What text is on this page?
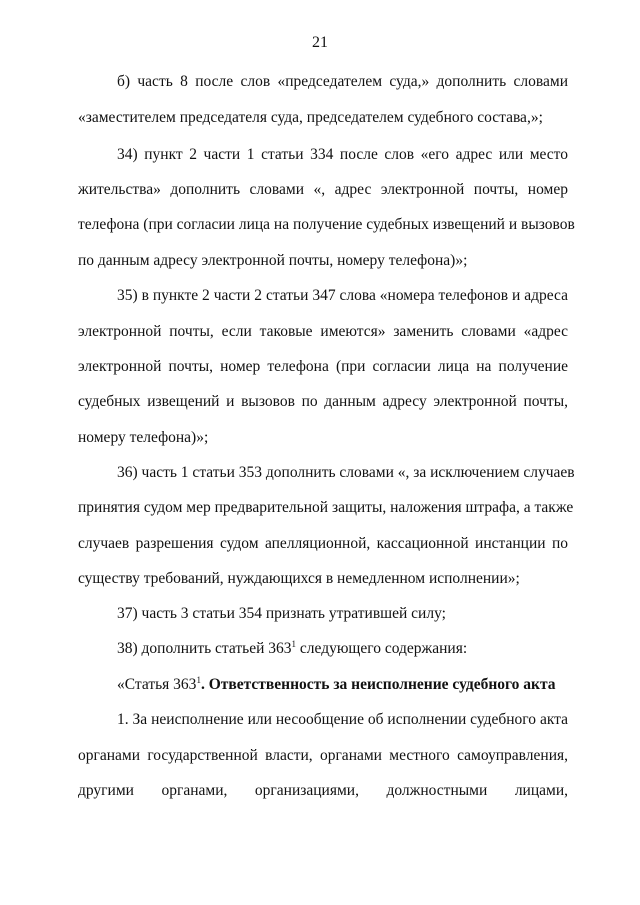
21
б) часть 8 после слов «председателем суда,» дополнить словами
«заместителем председателя суда, председателем судебного состава,»;
34) пункт 2 части 1 статьи 334 после слов «его адрес или место
жительства» дополнить словами «, адрес электронной почты, номер
телефона (при согласии лица на получение судебных извещений и вызовов
по данным адресу электронной почты, номеру телефона)»;
35) в пункте 2 части 2 статьи 347 слова «номера телефонов и адреса
электронной почты, если таковые имеются» заменить словами «адрес
электронной почты, номер телефона (при согласии лица на получение
судебных извещений и вызовов по данным адресу электронной почты,
номеру телефона)»;
36) часть 1 статьи 353 дополнить словами «, за исключением случаев
принятия судом мер предварительной защиты, наложения штрафа, а также
случаев разрешения судом апелляционной, кассационной инстанции по
существу требований, нуждающихся в немедленном исполнении»;
37) часть 3 статьи 354 признать утратившей силу;
38) дополнить статьей $363^1$ следующего содержания:
«Статья $363^1$. Ответственность за неисполнение судебного акта
1. За неисполнение или несообщение об исполнении судебного акта
органами государственной власти, органами местного самоуправления,
другими органами, организациями, должностными лицами,
